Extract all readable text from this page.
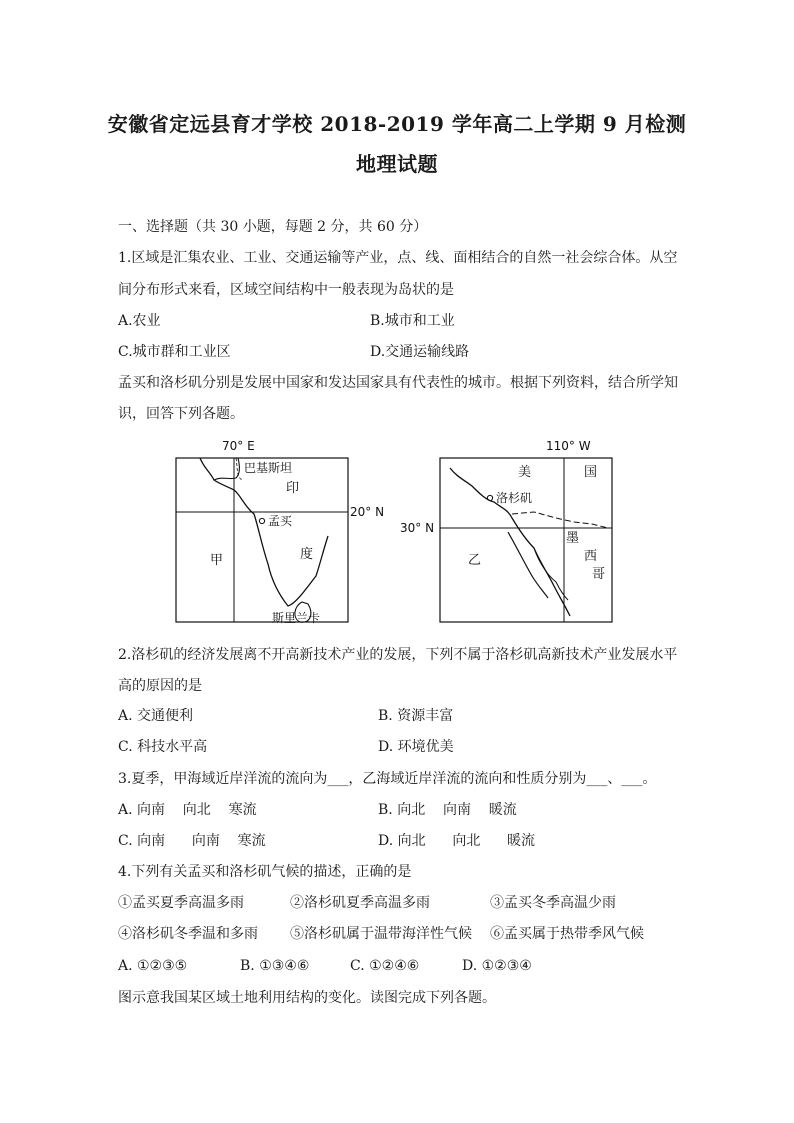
安徽省定远县育才学校 2018-2019 学年高二上学期 9 月检测
地理试题
一、选择题（共 30 小题，每题 2 分，共 60 分）
1.区域是汇集农业、工业、交通运输等产业，点、线、面相结合的自然一社会综合体。从空
间分布形式来看，区域空间结构中一般表现为岛状的是
A.农业	B.城市和工业
C.城市群和工业区	D.交通运输线路
孟买和洛杉矶分别是发展中国家和发达国家具有代表性的城市。根据下列资料，结合所学知
识，回答下列各题。
70° E
20° N
巴基斯坦
印
孟买
甲	度
斯里兰卡
110° W
30° N
美	国
洛杉矶
墨
西
哥
乙
2.洛杉矶的经济发展离不开高新技术产业的发展，下列不属于洛杉矶高新技术产业发展水平
高的原因的是
A. 交通便利	B. 资源丰富
C. 科技水平高	D. 环境优美
3.夏季，甲海域近岸洋流的流向为___，乙海域近岸洋流的流向和性质分别为___、___。
A. 向南    向北    寒流	B. 向北    向南    暖流
C. 向南      向南    寒流	D. 向北      向北      暖流
4.下列有关孟买和洛杉矶气候的描述，正确的是
①孟买夏季高温多雨	②洛杉矶夏季高温多雨	③孟买冬季高温少雨
④洛杉矶冬季温和多雨 ⑤洛杉矶属于温带海洋性气候 ⑥孟买属于热带季风气候
A. ①②③⑤	B. ①③④⑥	C. ①②④⑥	D. ①②③④
图示意我国某区域土地利用结构的变化。读图完成下列各题。
